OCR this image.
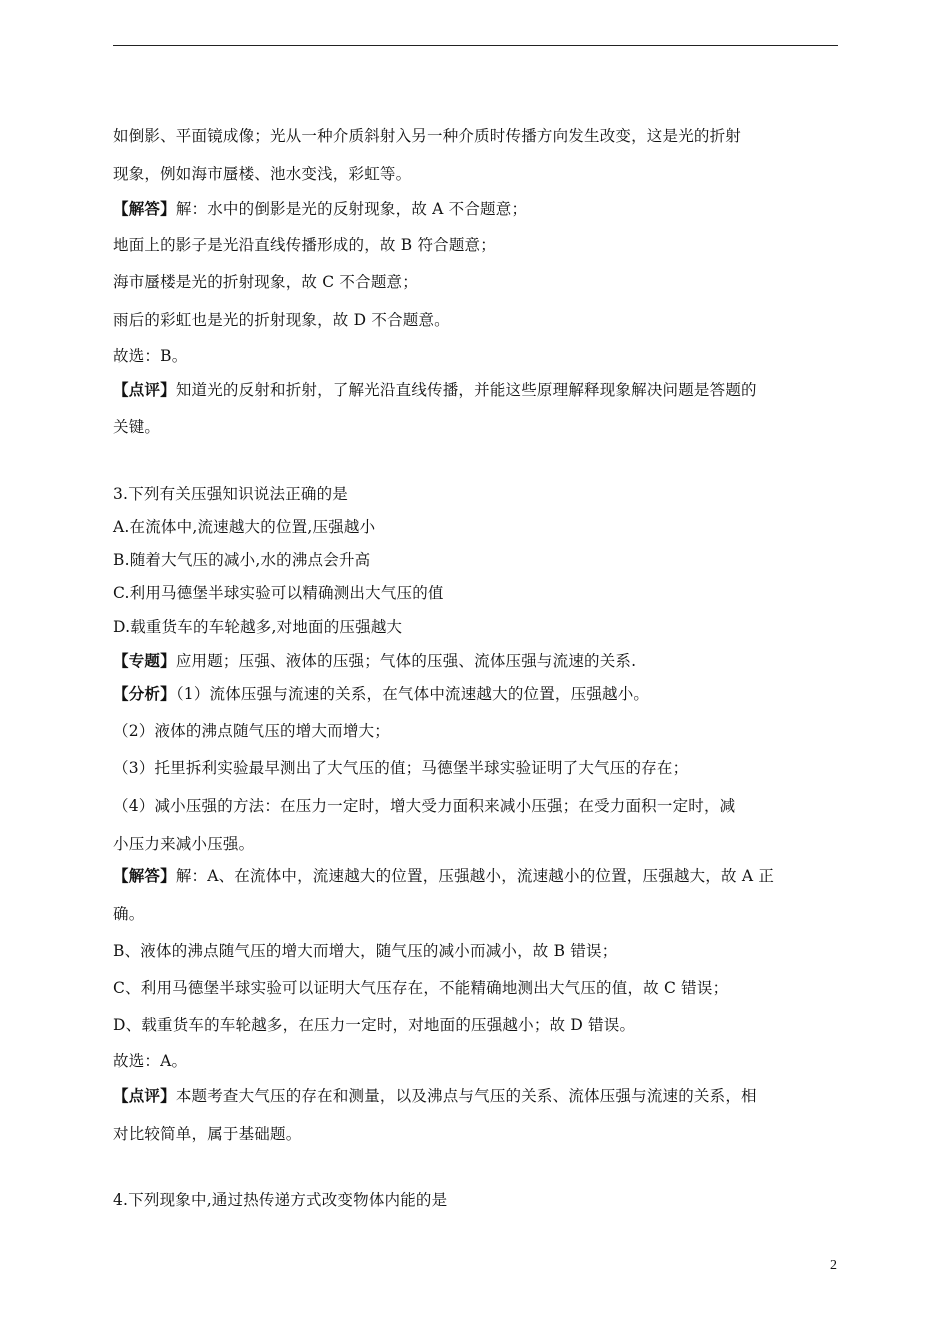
如倒影、平面镜成像；光从一种介质斜射入另一种介质时传播方向发生改变，这是光的折射
现象，例如海市蜃楼、池水变浅，彩虹等。
【解答】解：水中的倒影是光的反射现象，故 A 不合题意；
地面上的影子是光沿直线传播形成的，故 B 符合题意；
海市蜃楼是光的折射现象，故 C 不合题意；
雨后的彩虹也是光的折射现象，故 D 不合题意。
故选：B。
【点评】知道光的反射和折射，了解光沿直线传播，并能这些原理解释现象解决问题是答题的
关键。
3.下列有关压强知识说法正确的是
A.在流体中,流速越大的位置,压强越小
B.随着大气压的减小,水的沸点会升高
C.利用马德堡半球实验可以精确测出大气压的值
D.载重货车的车轮越多,对地面的压强越大
【专题】应用题；压强、液体的压强；气体的压强、流体压强与流速的关系.
【分析】（1）流体压强与流速的关系，在气体中流速越大的位置，压强越小。
（2）液体的沸点随气压的增大而增大；
（3）托里拆利实验最早测出了大气压的值；马德堡半球实验证明了大气压的存在；
（4）减小压强的方法：在压力一定时，增大受力面积来减小压强；在受力面积一定时，减
小压力来减小压强。
【解答】解：A、在流体中，流速越大的位置，压强越小，流速越小的位置，压强越大，故 A 正
确。
B、液体的沸点随气压的增大而增大，随气压的减小而减小，故 B 错误；
C、利用马德堡半球实验可以证明大气压存在，不能精确地测出大气压的值，故 C 错误；
D、载重货车的车轮越多，在压力一定时，对地面的压强越小；故 D 错误。
故选：A。
【点评】本题考查大气压的存在和测量，以及沸点与气压的关系、流体压强与流速的关系，相
对比较简单，属于基础题。
4.下列现象中,通过热传递方式改变物体内能的是
2
